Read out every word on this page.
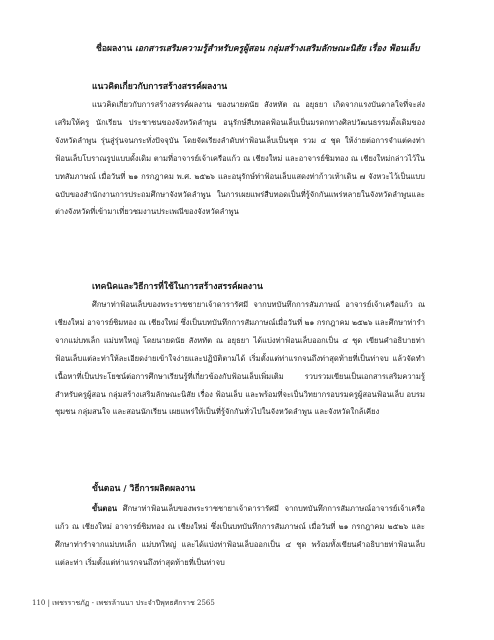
ชื่อผลงาน เอกสารเสริมความรู้สำหรับครูผู้สอน กลุ่มสร้างเสริมลักษณะนิสัย เรื่อง ฟ้อนเล็บ
แนวคิดเกี่ยวกับการสร้างสรรค์ผลงาน
แนวคิดเกี่ยวกับการสร้างสรรค์ผลงาน ของนายดนัย สังหทัต ณ อยุธยา เกิดจากแรงบันดาลใจที่จะส่งเสริมให้ครู นักเรียน ประชาชนของจังหวัดลำพูน อนุรักษ์สืบทอดฟ้อนเล็บเป็นมรดกทางศิลปวัฒนธรรมดั้งเดิมของจังหวัดลำพูน รุ่นสู่รุ่นจนกระทั่งปัจจุบัน โดยจัดเรียงลำดับท่าฟ้อนเล็บเป็นชุด รวม ๔ ชุด ให้ง่ายต่อการจำแต่คงท่าฟ้อนเล็บโบราณรูปแบบดั้งเดิม ตามที่อาจารย์เจ้าเครือแก้ว ณ เชียงใหม่ และอาจารย์ชิมทอง ณ เชียงใหม่กล่าวไว้ในบทสัมภาษณ์ เมื่อวันที่ ๒๑ กรกฎาคม พ.ศ. ๒๕๒๖ และอนุรักษ์ท่าฟ้อนเล็บแสดงท่าก้าวเท้าเดิน ๗ จังหวะไว้เป็นแบบฉบับของสำนักงานการประถมศึกษาจังหวัดลำพูน ในการเผยแพร่สืบทอดเป็นที่รู้จักกันแพร่หลายในจังหวัดลำพูนและต่างจังหวัดที่เข้ามาเที่ยวชมงานประเพณีของจังหวัดลำพูน
เทคนิคและวิธีการที่ใช้ในการสร้างสรรค์ผลงาน
ศึกษาท่าฟ้อนเล็บของพระราชชายาเจ้าดารารัศมี จากบทบันทึกการสัมภาษณ์ อาจารย์เจ้าเครือแก้ว ณ เชียงใหม่ อาจารย์ชิมทอง ณ เชียงใหม่ ซึ่งเป็นบทบันทึกการสัมภาษณ์เมื่อวันที่ ๒๑ กรกฎาคม ๒๕๒๖ และศึกษาท่ารำจากแม่บทเล็ก แม่บทใหญ่ โดยนายดนัย สังหทัต ณ อยุธยา ได้แบ่งท่าฟ้อนเล็บออกเป็น ๔ ชุด เขียนคำอธิบายท่าฟ้อนเล็บแต่ละท่าให้ละเอียดง่ายเข้าใจง่ายและปฏิบัติตามได้ เริ่มตั้งแต่ท่าแรกจนถึงท่าสุดท้ายที่เป็นท่าจบ แล้วจัดทำเนื้อหาที่เป็นประโยชน์ต่อการศึกษาเรียนรู้ที่เกี่ยวข้องกับฟ้อนเล็บเพิ่มเติม รวบรวมเขียนเป็นเอกสารเสริมความรู้สำหรับครูผู้สอน กลุ่มสร้างเสริมลักษณะนิสัย เรื่อง ฟ้อนเล็บ และพร้อมที่จะเป็นวิทยากรอบรมครูผู้สอนฟ้อนเล็บ อบรมชุมชน กลุ่มสนใจ และสอนนักเรียน เผยแพร่ให้เป็นที่รู้จักกันทั่วไปในจังหวัดลำพูน และจังหวัดใกล้เคียง
ขั้นตอน / วิธีการผลิตผลงาน
ขั้นตอน ศึกษาท่าฟ้อนเล็บของพระราชชายาเจ้าดารารัศมี จากบทบันทึกการสัมภาษณ์อาจารย์เจ้าเครือแก้ว ณ เชียงใหม่ อาจารย์ชิมทอง ณ เชียงใหม่ ซึ่งเป็นบทบันทึกการสัมภาษณ์ เมื่อวันที่ ๒๑ กรกฎาคม ๒๕๒๖ และศึกษาท่ารำจากแม่บทเล็ก แม่บทใหญ่ และได้แบ่งท่าฟ้อนเล็บออกเป็น ๔ ชุด พร้อมทั้งเขียนคำอธิบายท่าฟ้อนเล็บแต่ละท่า เริ่มตั้งแต่ท่าแรกจนถึงท่าสุดท้ายที่เป็นท่าจบ
110 | เพชรราชภัฏ - เพชรล้านนา ประจำปีพุทธศักราช 2565
